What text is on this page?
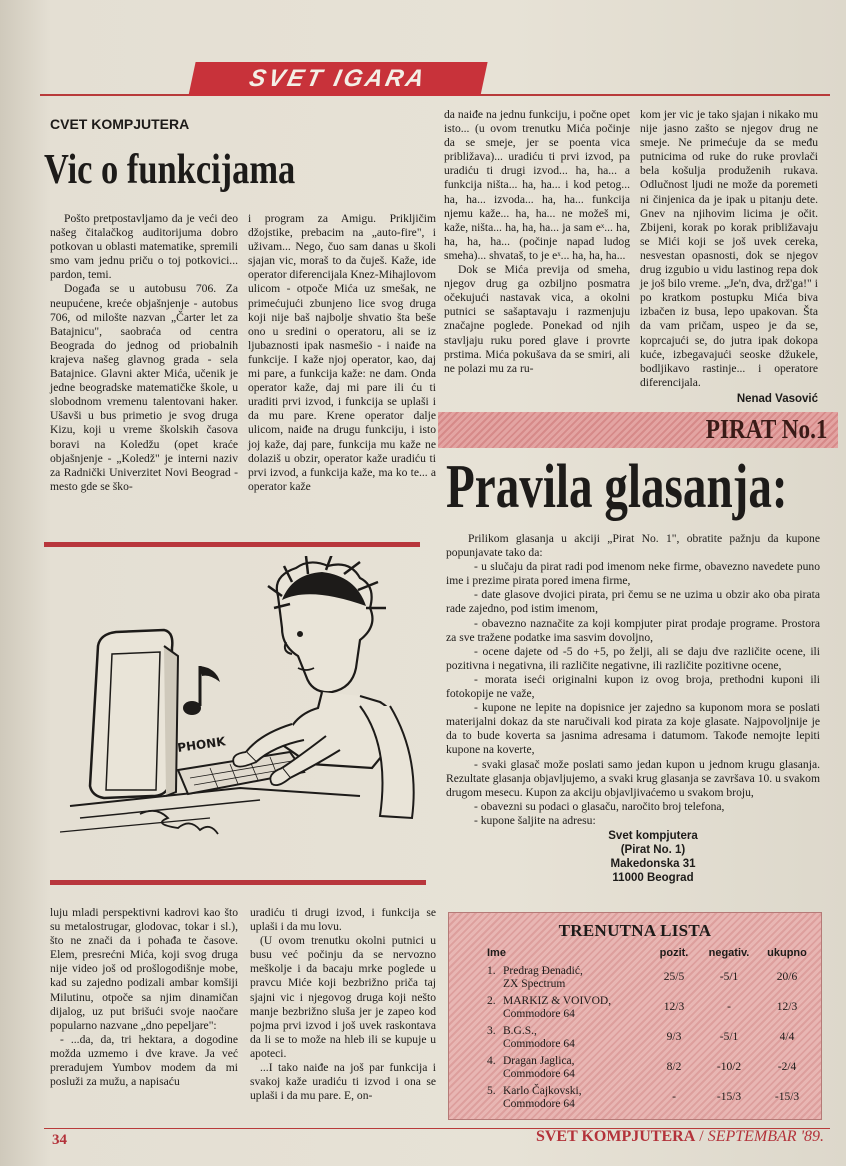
SVET IGARA
CVET KOMPJUTERA
Vic o funkcijama

Pošto pretpostavljamo da je veći deo našeg čitalačkog auditorijuma dobro potkovan u oblasti matematike, spremili smo vam jednu priču o toj potkovici... pardon, temi.

Događa se u autobusu 706. Za neupućene, kreće objašnjenje - autobus 706, od milošte nazvan „Čarter let za Batajnicu", saobraća od centra Beograda do jednog od priobalnih krajeva našeg glavnog grada - sela Batajnice. Glavni akter Mića, učenik je jedne beogradske matematičke škole, u slobodnom vremenu talentovani haker. Ušavši u bus primetio je svog druga Kizu, koji u vreme školskih časova boravi na Koledžu (opet kraće objašnjenje - „Koledž" je interni naziv za Radnički Univerzitet Novi Beograd - mesto gde se ško-

i program za Amigu. Prikljičim džojstike, prebacim na „auto-fire", i uživam... Nego, čuo sam danas u školi sjajan vic, moraš to da čuješ. Kaže, ide operator diferencijala Knez-Mihajlovom ulicom - otpoče Mića uz smešak, ne primećujući zbunjeno lice svog druga koji nije baš najbolje shvatio šta beše ono u sredini o operatoru, ali se iz ljubaznosti ipak nasmešio - i naiđe na funkcije. I kaže njoj operator, kao, daj mi pare, a funkcija kaže: ne dam. Onda operator kaže, daj mi pare ili ću ti uraditi prvi izvod, i funkcija se uplaši i da mu pare. Krene operator dalje ulicom, naiđe na drugu funkciju, i isto joj kaže, daj pare, funkcija mu kaže ne dolaziš u obzir, operator kaže uradiću ti prvi izvod, a funkcija kaže, ma ko te... a operator kaže

da naiđe na jednu funkciju, i počne opet isto... (u ovom trenutku Mića počinje da se smeje, jer se poenta vica približava)... uradiću ti prvi izvod, pa uradiću ti drugi izvod... ha, ha... a funkcija ništa... ha, ha... i kod petog... ha, ha... izvoda... ha, ha... funkcija njemu kaže... ha, ha... ne možeš mi, kaže, ništa... ha, ha, ha... ja sam eˣ... ha, ha, ha, ha... (počinje napad ludog smeha)... shvataš, to je eˣ... ha, ha, ha...

Dok se Mića previja od smeha, njegov drug ga ozbiljno posmatra očekujući nastavak vica, a okolni putnici se sašaptavaju i razmenjuju značajne poglede. Ponekad od njih stavljaju ruku pored glave i provrte prstima. Mića pokušava da se smiri, ali ne polazi mu za ru-

kom jer vic je tako sjajan i nikako mu nije jasno zašto se njegov drug ne smeje. Ne primećuje da se među putnicima od ruke do ruke provlači bela košulja produženih rukava. Odlučnost ljudi ne može da poremeti ni činjenica da je ipak u pitanju dete. Gnev na njihovim licima je očit. Zbijeni, korak po korak približavaju se Mići koji se još uvek cereka, nesvestan opasnosti, dok se njegov drug izgubio u vidu lastinog repa dok je još bilo vreme. „Je'n, dva, drž'ga!" i po kratkom postupku Mića biva izbačen iz busa, lepo upakovan. Šta da vam pričam, uspeo je da se, koprcajući se, do jutra ipak dokopa kuće, izbegavajući seoske džukele, bodljikavo rastinje... i operatore diferencijala.

Nenad Vasović
PHONK

luju mladi perspektivni kadrovi kao što su metalostrugar, glodovac, tokar i sl.), što ne znači da i pohađa te časove. Elem, presrećni Mića, koji svog druga nije video još od prošlogodišnje mobe, kad su zajedno podizali ambar komšiji Milutinu, otpoče sa njim dinamičan dijalog, uz put brišući svoje naočare popularno nazvane „dno pepeljare":

- ...da, da, tri hektara, a dogodine možda uzmemo i dve krave. Ja već preradujem Yumbov modem da mi posluži za mužu, a napisaću

uradiću ti drugi izvod, i funkcija se uplaši i da mu lovu.

(U ovom trenutku okolni putnici u busu već počinju da se nervozno meškolje i da bacaju mrke poglede u pravcu Miće koji bezbrižno priča taj sjajni vic i njegovog druga koji nešto manje bezbrižno sluša jer je zapeo kod pojma prvi izvod i još uvek raskontava da li se to može na hleb ili se kupuje u apoteci.

...I tako naiđe na još par funkcija i svakoj kaže uradiću ti izvod i ona se uplaši i da mu pare. E, on-

PIRAT No.1
Pravila glasanja:

Prilikom glasanja u akciji „Pirat No. 1", obratite pažnju da kupone popunjavate tako da:

- u slučaju da pirat radi pod imenom neke firme, obavezno navedete puno ime i prezime pirata pored imena firme,

- date glasove dvojici pirata, pri čemu se ne uzima u obzir ako oba pirata rade zajedno, pod istim imenom,

- obavezno naznačite za koji kompjuter pirat prodaje programe. Prostora za sve tražene podatke ima sasvim dovoljno,

- ocene dajete od -5 do +5, po želji, ali se daju dve različite ocene, ili pozitivna i negativna, ili različite negativne, ili različite pozitivne ocene,

- morata iseći originalni kupon iz ovog broja, prethodni kuponi ili fotokopije ne važe,

- kupone ne lepite na dopisnice jer zajedno sa kuponom mora se poslati materijalni dokaz da ste naručivali kod pirata za koje glasate. Najpovoljnije je da to bude koverta sa jasnima adresama i datumom. Takođe nemojte lepiti kupone na koverte,

- svaki glasač može poslati samo jedan kupon u jednom krugu glasanja. Rezultate glasanja objavljujemo, a svaki krug glasanja se završava 10. u svakom drugom mesecu. Kupon za akciju objavljivaćemo u svakom broju,

- obavezni su podaci o glasaču, naročito broj telefona,

- kupone šaljite na adresu:

Svet kompjutera
(Pirat No. 1)
Makedonska 31
11000 Beograd
TRENUTNA LISTA
Ime	pozit.	negativ.	ukupno
1. Predrag Đenadić,
ZX Spectrum
25/5	-5/1	20/6
2. MARKIZ & VOIVOD,
Commodore 64
12/3	-	12/3
3. B.G.S.,
Commodore 64
9/3	-5/1	4/4
4. Dragan Jaglica,
Commodore 64
8/2	-10/2	-2/4
5. Karlo Čajkovski,
Commodore 64
-	-15/3	-15/3
34	SVET KOMPJUTERA / SEPTEMBAR '89.
